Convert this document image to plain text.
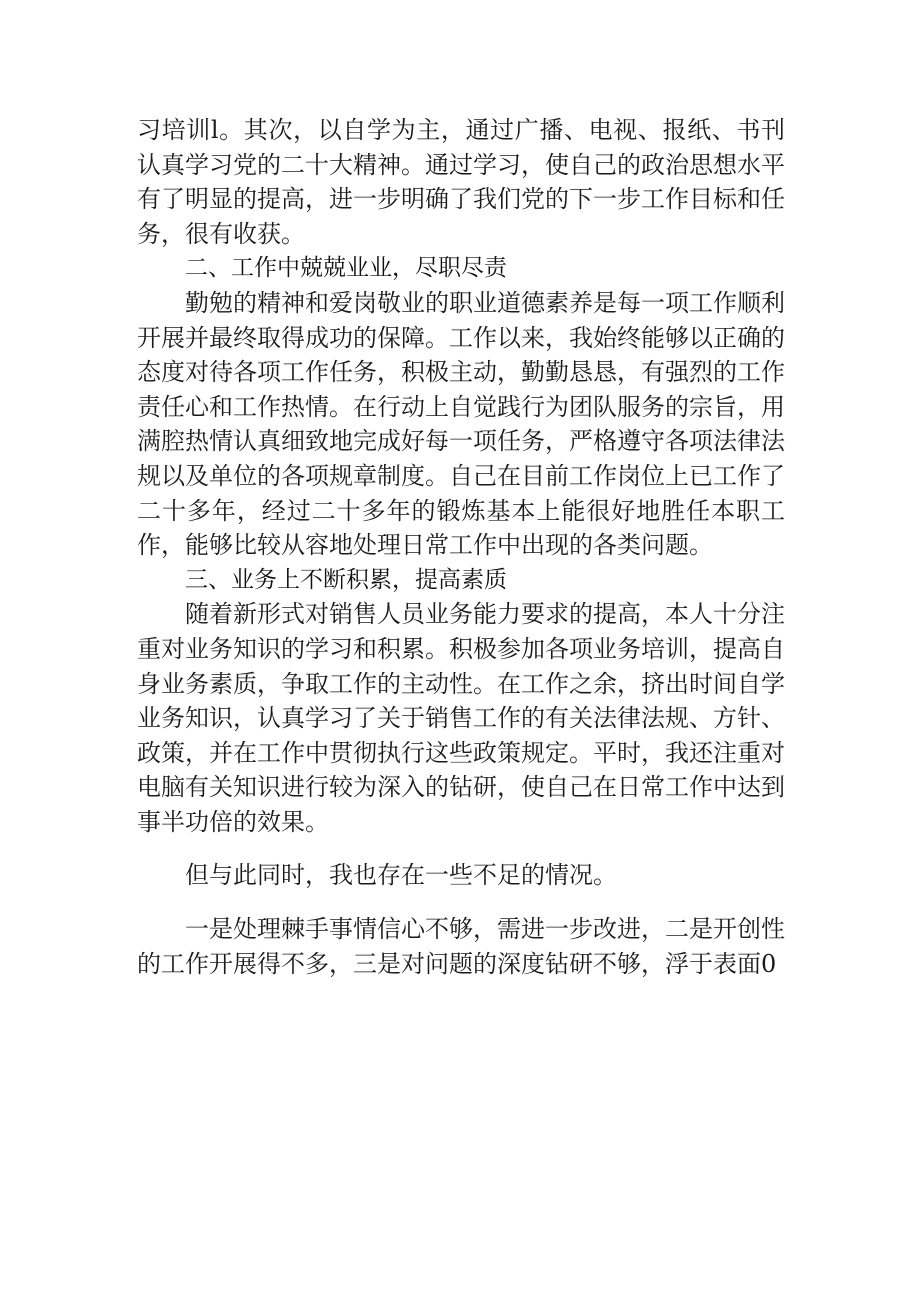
习培训l。其次，以自学为主，通过广播、电视、报纸、书刊认真学习党的二十大精神。通过学习，使自己的政治思想水平有了明显的提高，进一步明确了我们党的下一步工作目标和任务，很有收获。

二、工作中兢兢业业，尽职尽责

勤勉的精神和爱岗敬业的职业道德素养是每一项工作顺利开展并最终取得成功的保障。工作以来，我始终能够以正确的态度对待各项工作任务，积极主动，勤勤恳恳，有强烈的工作责任心和工作热情。在行动上自觉践行为团队服务的宗旨，用满腔热情认真细致地完成好每一项任务，严格遵守各项法律法规以及单位的各项规章制度。自己在目前工作岗位上已工作了二十多年，经过二十多年的锻炼基本上能很好地胜任本职工作，能够比较从容地处理日常工作中出现的各类问题。

三、业务上不断积累，提高素质

随着新形式对销售人员业务能力要求的提高，本人十分注重对业务知识的学习和积累。积极参加各项业务培训，提高自身业务素质，争取工作的主动性。在工作之余，挤出时间自学业务知识，认真学习了关于销售工作的有关法律法规、方针、政策，并在工作中贯彻执行这些政策规定。平时，我还注重对电脑有关知识进行较为深入的钻研，使自己在日常工作中达到事半功倍的效果。

但与此同时，我也存在一些不足的情况。

一是处理棘手事情信心不够，需进一步改进，二是开创性的工作开展得不多，三是对问题的深度钻研不够，浮于表面0
